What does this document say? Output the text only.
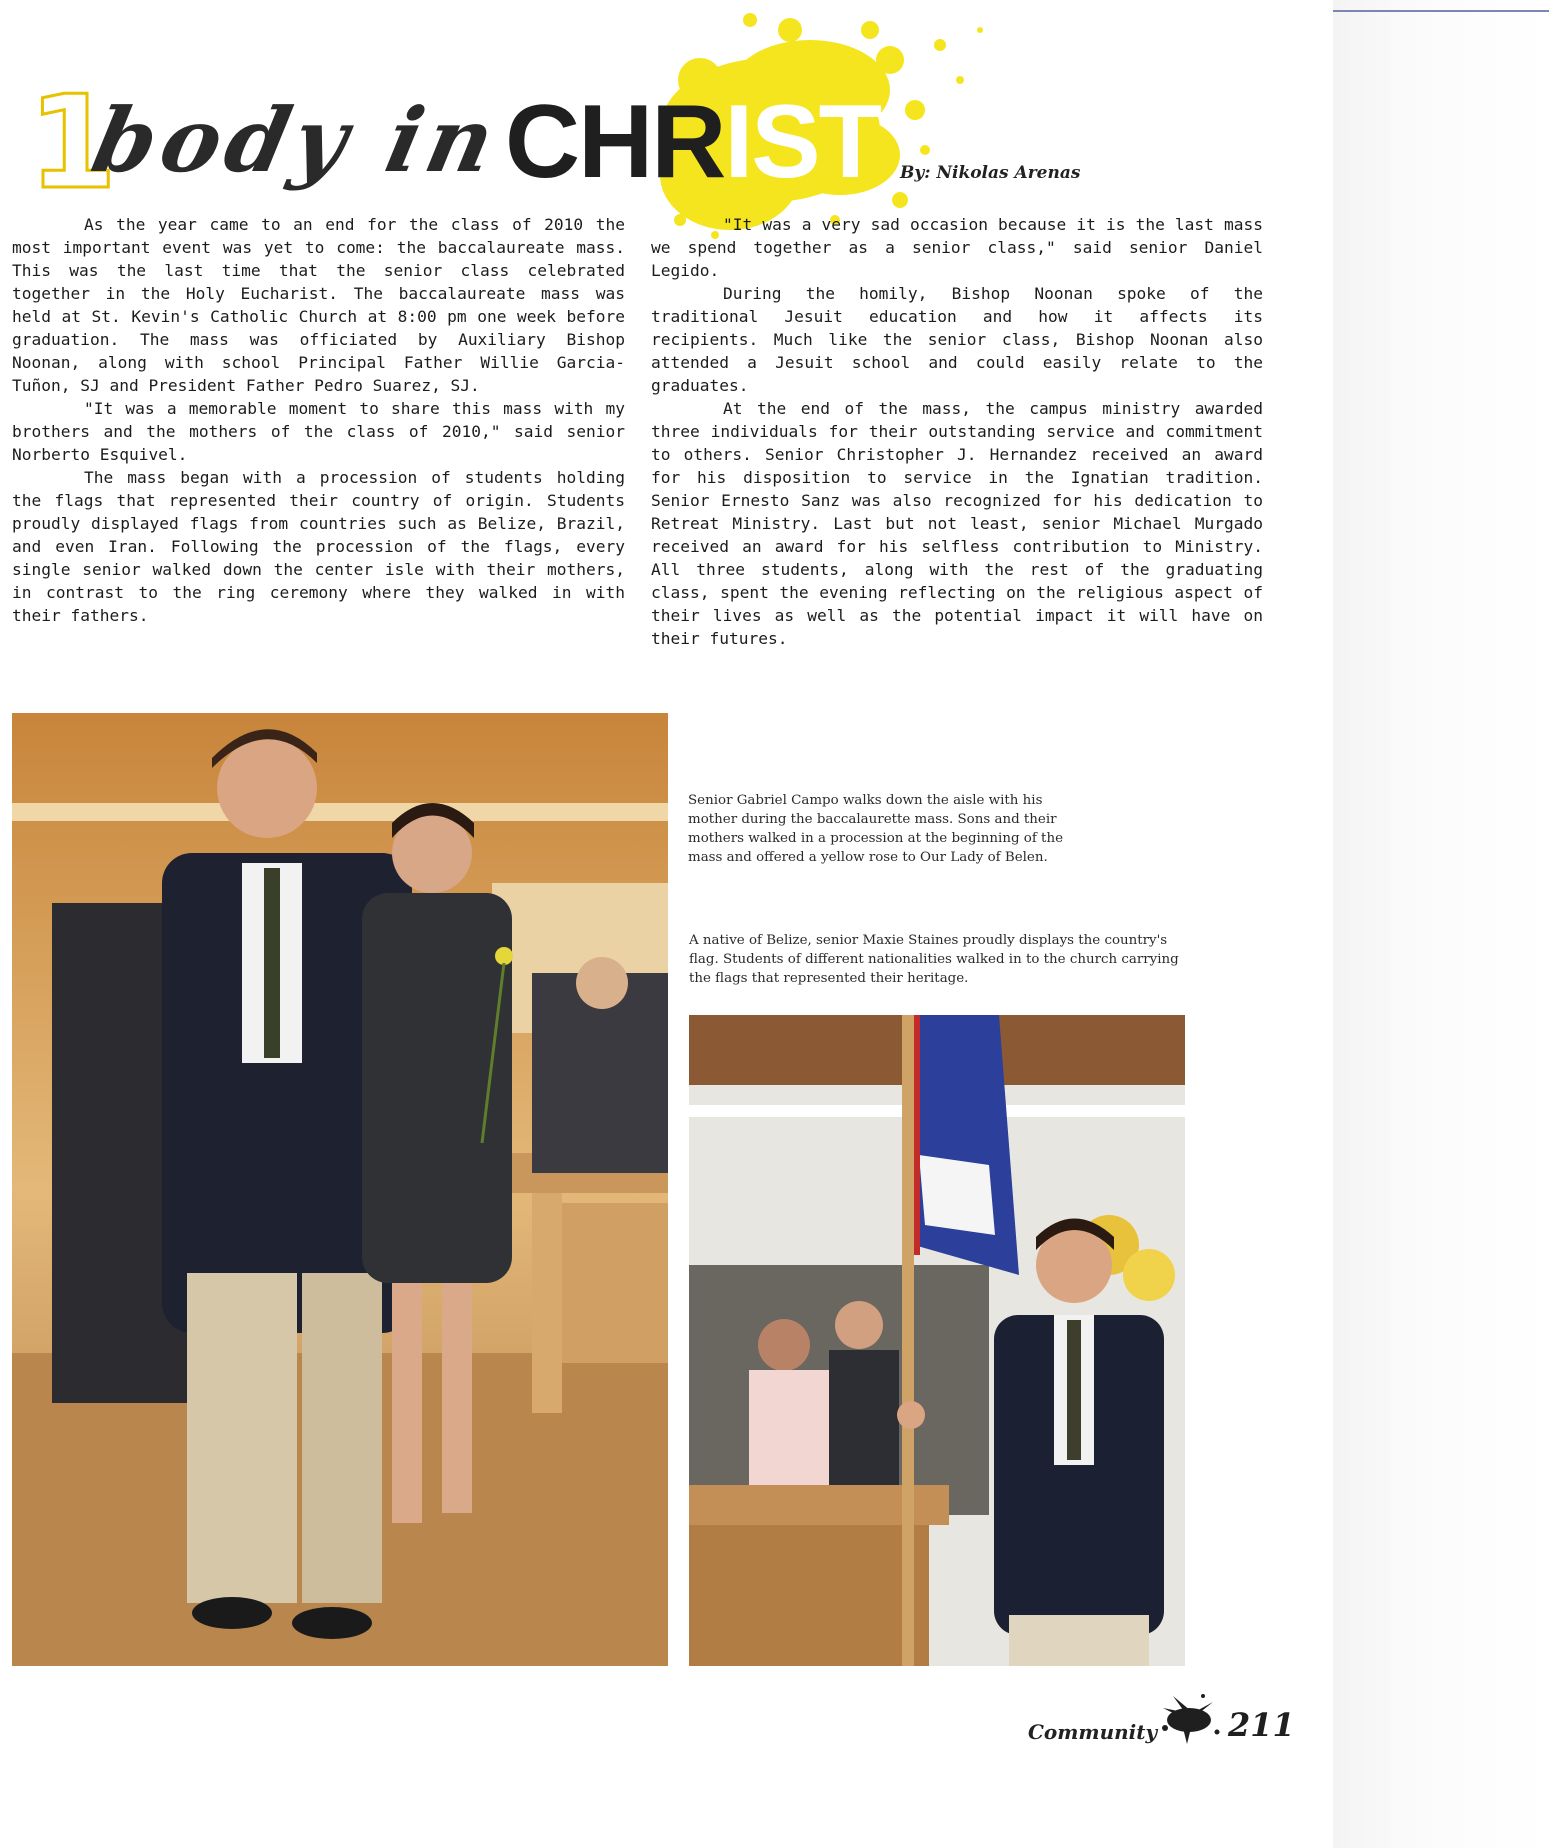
1
body in
CHRIST By: Nikolas Arenas

As the year came to an end for the class of 2010 the most important event was yet to come: the baccalaureate mass. This was the last time that the senior class celebrated together in the Holy Eucharist. The baccalaureate mass was held at St. Kevin's Catholic Church at 8:00 pm one week before graduation. The mass was officiated by Auxiliary Bishop Noonan, along with school Principal Father Willie Garcia-Tuñon, SJ and President Father Pedro Suarez, SJ.

"It was a memorable moment to share this mass with my brothers and the mothers of the class of 2010," said senior Norberto Esquivel.

The mass began with a procession of students holding the flags that represented their country of origin. Students proudly displayed flags from countries such as Belize, Brazil, and even Iran. Following the procession of the flags, every single senior walked down the center isle with their mothers, in contrast to the ring ceremony where they walked in with their fathers.

"It was a very sad occasion because it is the last mass we spend together as a senior class," said senior Daniel Legido.

During the homily, Bishop Noonan spoke of the traditional Jesuit education and how it affects its recipients. Much like the senior class, Bishop Noonan also attended a Jesuit school and could easily relate to the graduates.

At the end of the mass, the campus ministry awarded three individuals for their outstanding service and commitment to others. Senior Christopher J. Hernandez received an award for his disposition to service in the Ignatian tradition. Senior Ernesto Sanz was also recognized for his dedication to Retreat Ministry. Last but not least, senior Michael Murgado received an award for his selfless contribution to Ministry. All three students, along with the rest of the graduating class, spent the evening reflecting on the religious aspect of their lives as well as the potential impact it will have on their futures.

Senior Gabriel Campo walks down the aisle with his mother during the baccalaurette mass. Sons and their mothers walked in a procession at the beginning of the mass and offered a yellow rose to Our Lady of Belen.
A native of Belize, senior Maxie Staines proudly displays the country's flag. Students of different nationalities walked in to the church carrying the flags that represented their heritage.
Community 211
